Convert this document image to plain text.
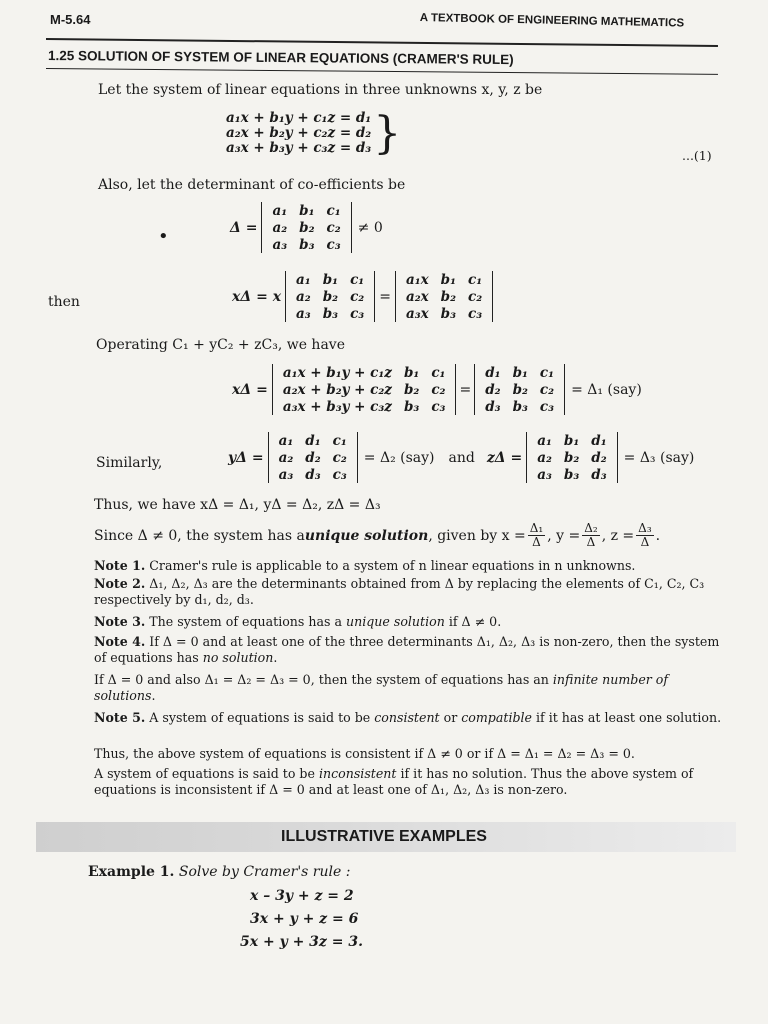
M-5.64	A TEXTBOOK OF ENGINEERING MATHEMATICS
1.25 SOLUTION OF SYSTEM OF LINEAR EQUATIONS (CRAMER'S RULE)
Let the system of linear equations in three unknowns x, y, z be
a₁x + b₁y + c₁z = d₁
a₂x + b₂y + c₂z = d₂
a₃x + b₃y + c₃z = d₃ }	...(1)
Also, let the determinant of co-efficients be
•	Δ =
a₁	b₁	c₁
a₂	b₂	c₂
a₃	b₃	c₃
≠ 0
then	xΔ = x
a₁	b₁	c₁
a₂	b₂	c₂
a₃	b₃	c₃
=
a₁x	b₁	c₁
a₂x	b₂	c₂
a₃x	b₃	c₃
Operating C₁ + yC₂ + zC₃, we have
xΔ =
a₁x + b₁y + c₁z	b₁	c₁
a₂x + b₂y + c₂z	b₂	c₂
a₃x + b₃y + c₃z	b₃	c₃
=
d₁	b₁	c₁
d₂	b₂	c₂
d₃	b₃	c₃
= Δ₁ (say)
Similarly,	yΔ =
a₁	d₁	c₁
a₂	d₂	c₂
a₃	d₃	c₃
= Δ₂ (say) and zΔ =
a₁	b₁	d₁
a₂	b₂	d₂
a₃	b₃	d₃
= Δ₃ (say)
Thus, we have xΔ = Δ₁, yΔ = Δ₂, zΔ = Δ₃
Since Δ ≠ 0, the system has a unique solution , given by $x = \frac{\text{Δ₁}}{\Delta}$ , $y = \frac{\text{Δ₂}}{\Delta}$ , $z = \frac{\text{Δ₃}}{\Delta}$ .
Note 1. Cramer's rule is applicable to a system of n linear equations in n unknowns.
Note 2. Δ₁, Δ₂, Δ₃ are the determinants obtained from Δ by replacing the elements of C₁, C₂, C₃ respectively by d₁, d₂, d₃.
Note 3. The system of equations has a unique solution if Δ ≠ 0.
Note 4. If Δ = 0 and at least one of the three determinants Δ₁, Δ₂, Δ₃ is non-zero, then the system of equations has no solution.
If Δ = 0 and also Δ₁ = Δ₂ = Δ₃ = 0, then the system of equations has an infinite number of solutions.
Note 5. A system of equations is said to be consistent or compatible if it has at least one solution.
Thus, the above system of equations is consistent if Δ ≠ 0 or if Δ = Δ₁ = Δ₂ = Δ₃ = 0.
A system of equations is said to be inconsistent if it has no solution. Thus the above system of equations is inconsistent if Δ = 0 and at least one of Δ₁, Δ₂, Δ₃ is non-zero.
ILLUSTRATIVE EXAMPLES
Example 1. Solve by Cramer's rule :
x – 3y + z = 2
3x + y + z = 6
5x + y + 3z = 3.
